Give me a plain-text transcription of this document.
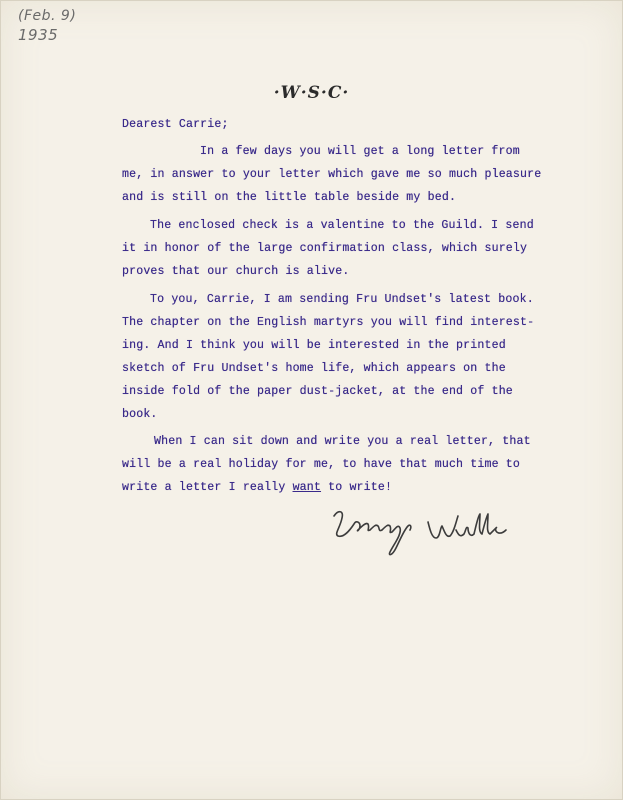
(Feb. 9)
1935
·W·S·C·
Dearest Carrie;
In a few days you will get a long letter from
me, in answer to your letter which gave me so much pleasure
and is still on the little table beside my bed.
The enclosed check is a valentine to the Guild. I send
it in honor of the large confirmation class, which surely
proves that our church is alive.
To you, Carrie, I am sending Fru Undset's latest book.
The chapter on the English martyrs you will find interest-
ing. And I think you will be interested in the printed
sketch of Fru Undset's home life, which appears on the
inside fold of the paper dust-jacket, at the end of the
book.
When I can sit down and write you a real letter, that
will be a real holiday for me, to have that much time to
write a letter I really want to write!
